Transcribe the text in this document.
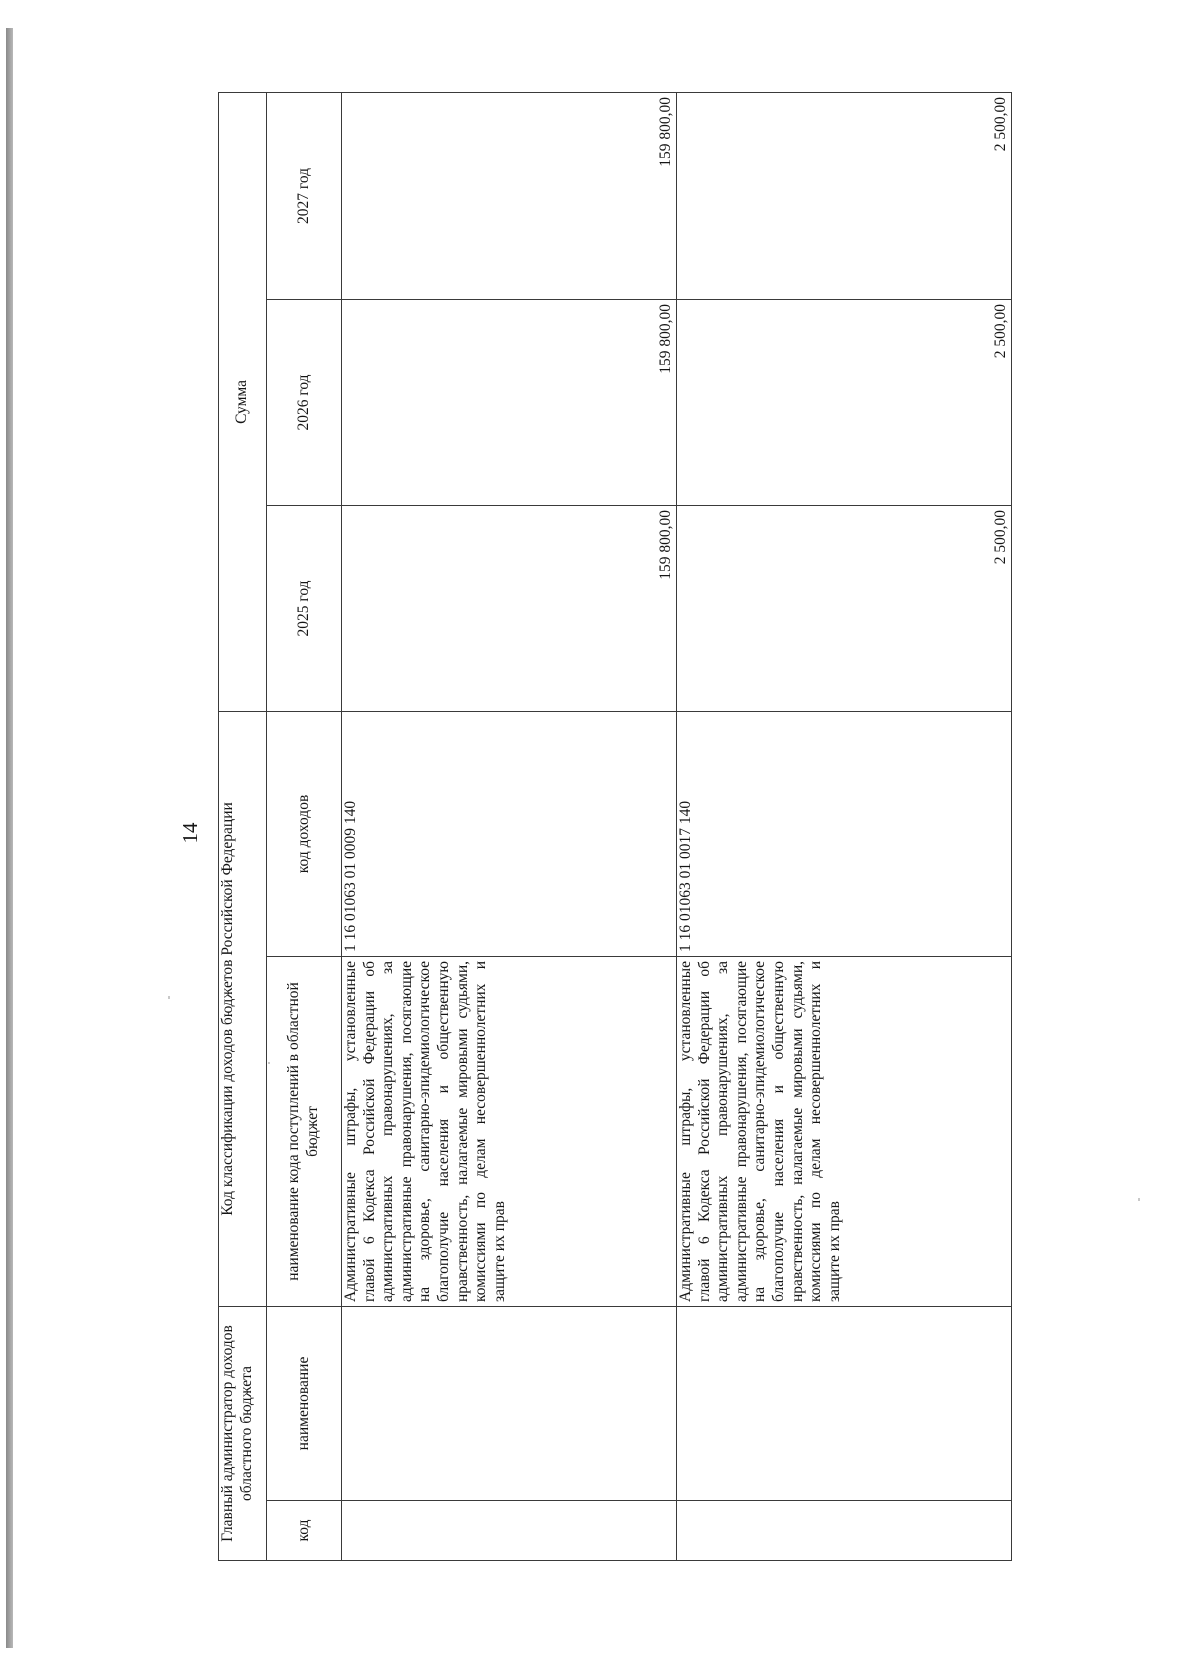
14
Главный администратор доходов областного бюджета		Код классификации доходов бюджетов Российской Федерации		Сумма		
код	наименование	наименование кода поступлений в областной бюджет	код доходов	2025 год	2026 год	2027 год
		Административные штрафы, установленные главой 6 Кодекса Российской Федерации об административных правонарушениях, за административные правонарушения, посягающие на здоровье, санитарно-эпидемиологическое благополучие населения и общественную нравственность, налагаемые мировыми судьями, комиссиями по делам несовершеннолетних и защите их прав	1 16 01063 01 0009 140	159 800,00	159 800,00	159 800,00
		Административные штрафы, установленные главой 6 Кодекса Российской Федерации об административных правонарушениях, за административные правонарушения, посягающие на здоровье, санитарно-эпидемиологическое благополучие населения и общественную нравственность, налагаемые мировыми судьями, комиссиями по делам несовершеннолетних и защите их прав	1 16 01063 01 0017 140	2 500,00	2 500,00	2 500,00
